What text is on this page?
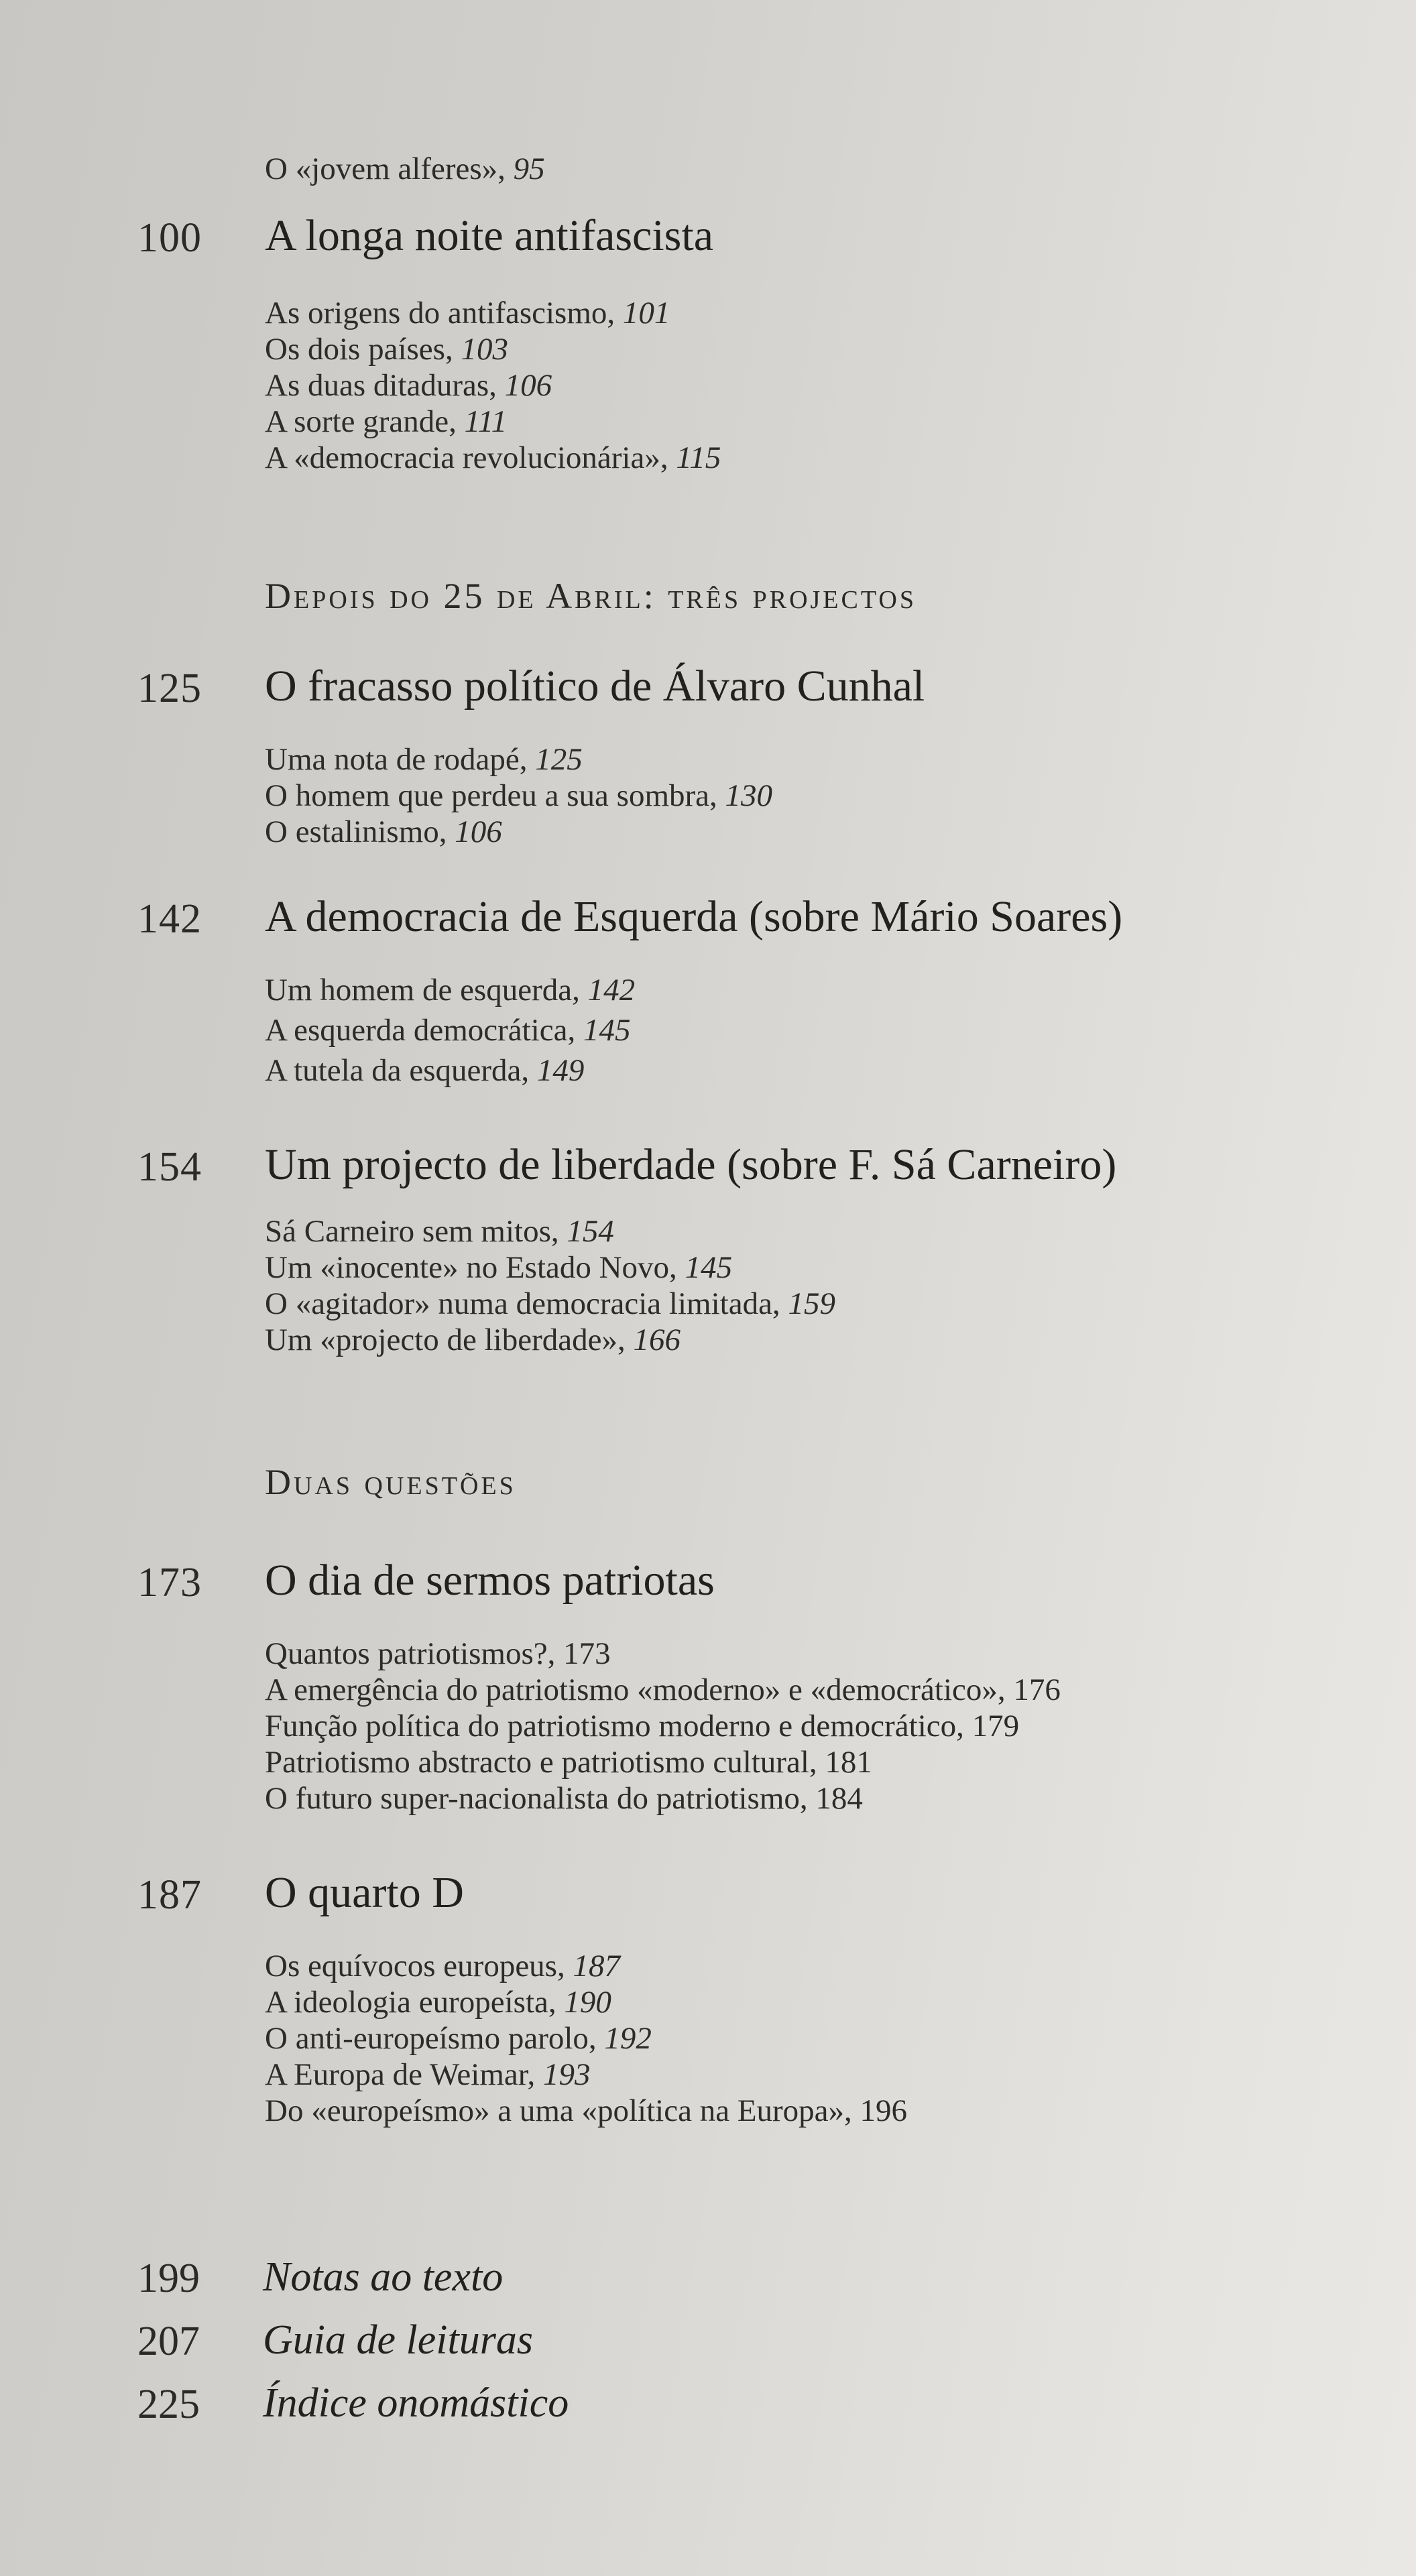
O «jovem alferes», 95
100 A longa noite antifascista
As origens do antifascismo, 101
Os dois países, 103
As duas ditaduras, 106
A sorte grande, 111
A «democracia revolucionária», 115
Depois do 25 de Abril: três projectos
125 O fracasso político de Álvaro Cunhal
Uma nota de rodapé, 125
O homem que perdeu a sua sombra, 130
O estalinismo, 106
142 A democracia de Esquerda (sobre Mário Soares)
Um homem de esquerda, 142
A esquerda democrática, 145
A tutela da esquerda, 149
154 Um projecto de liberdade (sobre F. Sá Carneiro)
Sá Carneiro sem mitos, 154
Um «inocente» no Estado Novo, 145
O «agitador» numa democracia limitada, 159
Um «projecto de liberdade», 166
Duas questões
173 O dia de sermos patriotas
Quantos patriotismos?, 173
A emergência do patriotismo «moderno» e «democrático», 176
Função política do patriotismo moderno e democrático, 179
Patriotismo abstracto e patriotismo cultural, 181
O futuro super-nacionalista do patriotismo, 184
187 O quarto D
Os equívocos europeus, 187
A ideologia europeísta, 190
O anti-europeísmo parolo, 192
A Europa de Weimar, 193
Do «europeísmo» a uma «política na Europa», 196
199 Notas ao texto
207 Guia de leituras
225 Índice onomástico
